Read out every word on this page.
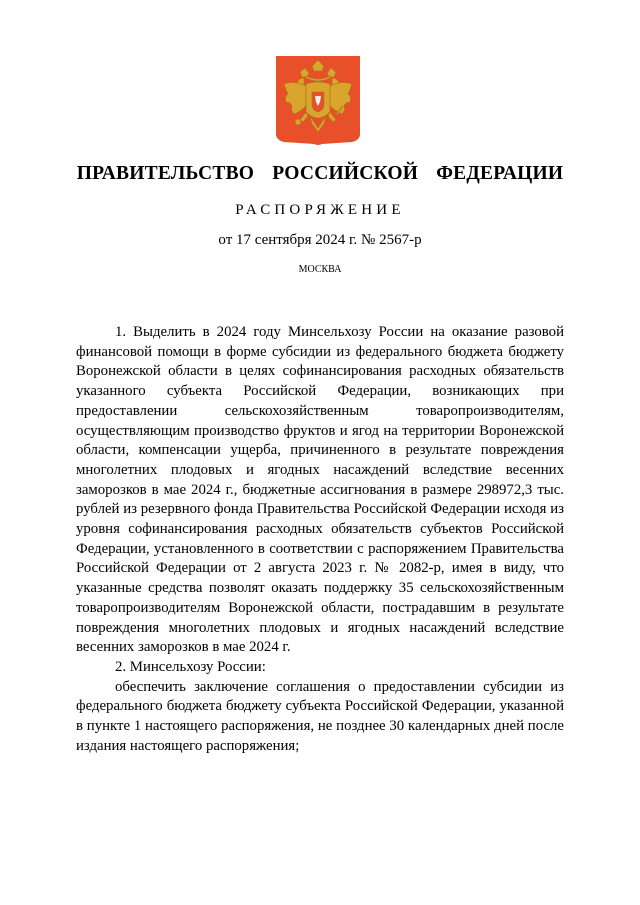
ПРАВИТЕЛЬСТВО  РОССИЙСКОЙ  ФЕДЕРАЦИИ
РАСПОРЯЖЕНИЕ
от 17 сентября 2024 г. № 2567-р
МОСКВА

1. Выделить в 2024 году Минсельхозу России на оказание разовой финансовой помощи в форме субсидии из федерального бюджета бюджету Воронежской области в целях софинансирования расходных обязательств указанного субъекта Российской Федерации, возникающих при предоставлении сельскохозяйственным товаропроизводителям, осуществляющим производство фруктов и ягод на территории Воронежской области, компенсации ущерба, причиненного в результате повреждения многолетних плодовых и ягодных насаждений вследствие весенних заморозков в мае 2024 г., бюджетные ассигнования в размере 298972,3 тыс. рублей из резервного фонда Правительства Российской Федерации исходя из уровня софинансирования расходных обязательств субъектов Российской Федерации, установленного в соответствии с распоряжением Правительства Российской Федерации от 2 августа 2023 г. № 2082-р, имея в виду, что указанные средства позволят оказать поддержку 35 сельскохозяйственным товаропроизводителям Воронежской области, пострадавшим в результате повреждения многолетних плодовых и ягодных насаждений вследствие весенних заморозков в мае 2024 г.

2. Минсельхозу России:

обеспечить заключение соглашения о предоставлении субсидии из федерального бюджета бюджету субъекта Российской Федерации, указанной в пункте 1 настоящего распоряжения, не позднее 30 календарных дней после издания настоящего распоряжения;
